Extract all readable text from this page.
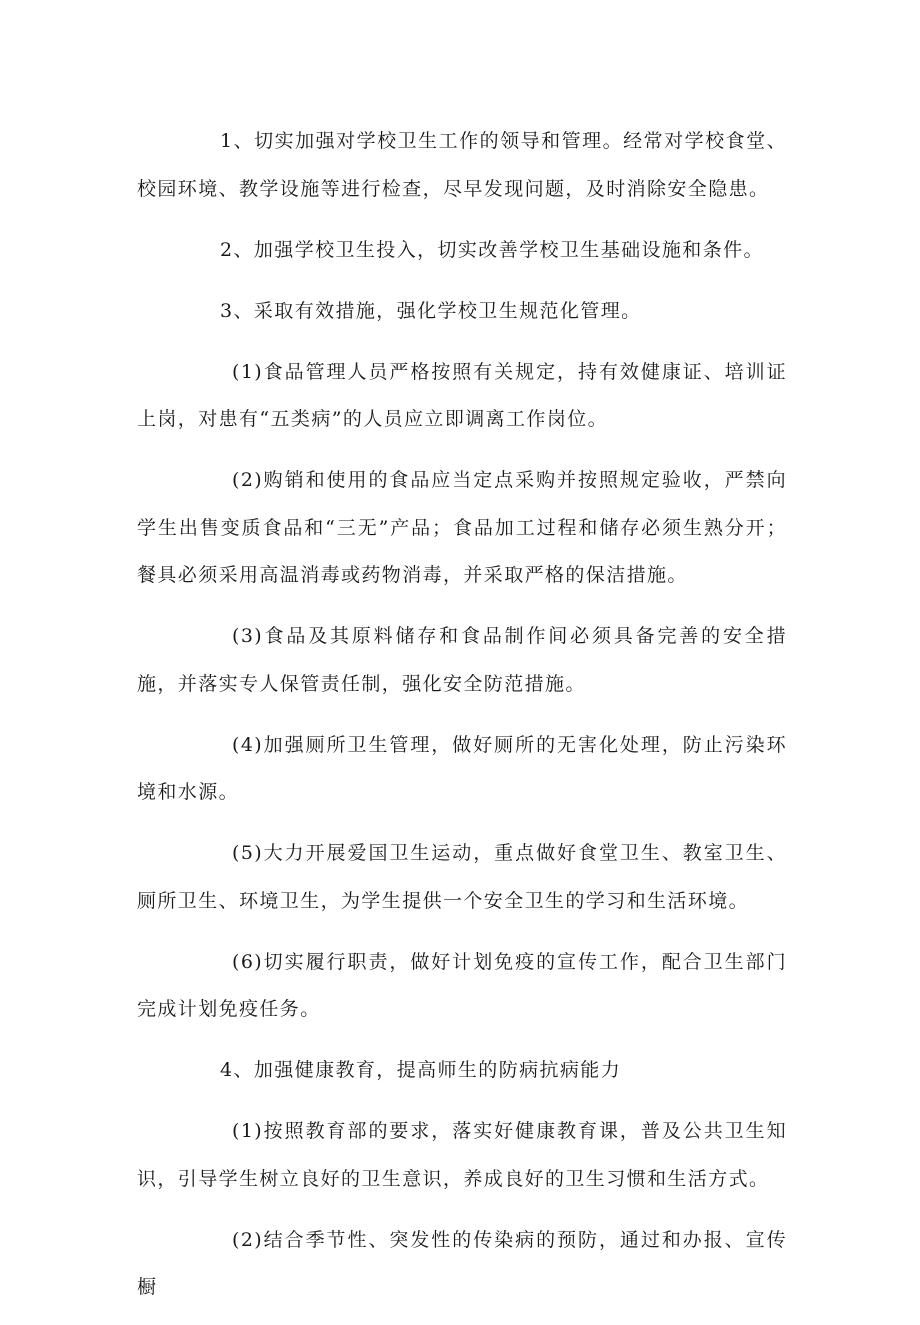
1、切实加强对学校卫生工作的领导和管理。经常对学校食堂、校园环境、教学设施等进行检查，尽早发现问题，及时消除安全隐患。

2、加强学校卫生投入，切实改善学校卫生基础设施和条件。

3、采取有效措施，强化学校卫生规范化管理。

(1)食品管理人员严格按照有关规定，持有效健康证、培训证上岗，对患有“五类病”的人员应立即调离工作岗位。

(2)购销和使用的食品应当定点采购并按照规定验收，严禁向学生出售变质食品和“三无”产品；食品加工过程和储存必须生熟分开；餐具必须采用高温消毒或药物消毒，并采取严格的保洁措施。

(3)食品及其原料储存和食品制作间必须具备完善的安全措施，并落实专人保管责任制，强化安全防范措施。

(4)加强厕所卫生管理，做好厕所的无害化处理，防止污染环境和水源。

(5)大力开展爱国卫生运动，重点做好食堂卫生、教室卫生、厕所卫生、环境卫生，为学生提供一个安全卫生的学习和生活环境。

(6)切实履行职责，做好计划免疫的宣传工作，配合卫生部门完成计划免疫任务。

4、加强健康教育，提高师生的防病抗病能力

(1)按照教育部的要求，落实好健康教育课，普及公共卫生知识，引导学生树立良好的卫生意识，养成良好的卫生习惯和生活方式。

(2)结合季节性、突发性的传染病的预防，通过和办报、宣传橱
